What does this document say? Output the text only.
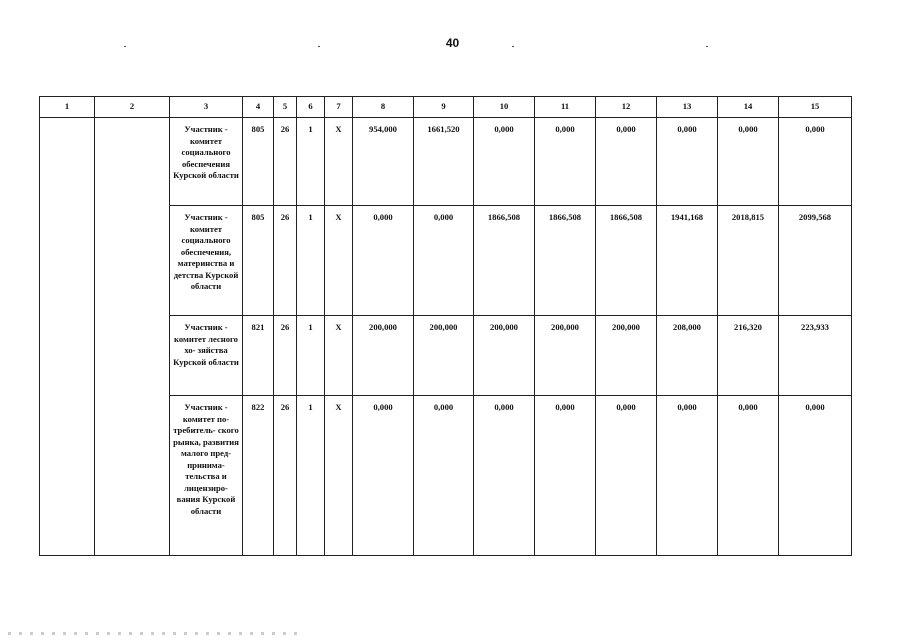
40
1	2	3	4	5	6	7	8	9	10	11	12	13	14	15
		Участник - комитет социального обеспечения Курской области	805	26	1	X	954,000	1661,520	0,000	0,000	0,000	0,000	0,000	0,000
		Участник - комитет социального обеспечения, материнства и детства Курской области	805	26	1	X	0,000	0,000	1866,508	1866,508	1866,508	1941,168	2018,815	2099,568
		Участник - комитет лесного хо- зяйства Курской области	821	26	1	X	200,000	200,000	200,000	200,000	200,000	208,000	216,320	223,933
		Участник - комитет по- требитель- ского рынка, развития малого пред- принима- тельства и лицензиро- вания Курской области	822	26	1	X	0,000	0,000	0,000	0,000	0,000	0,000	0,000	0,000
